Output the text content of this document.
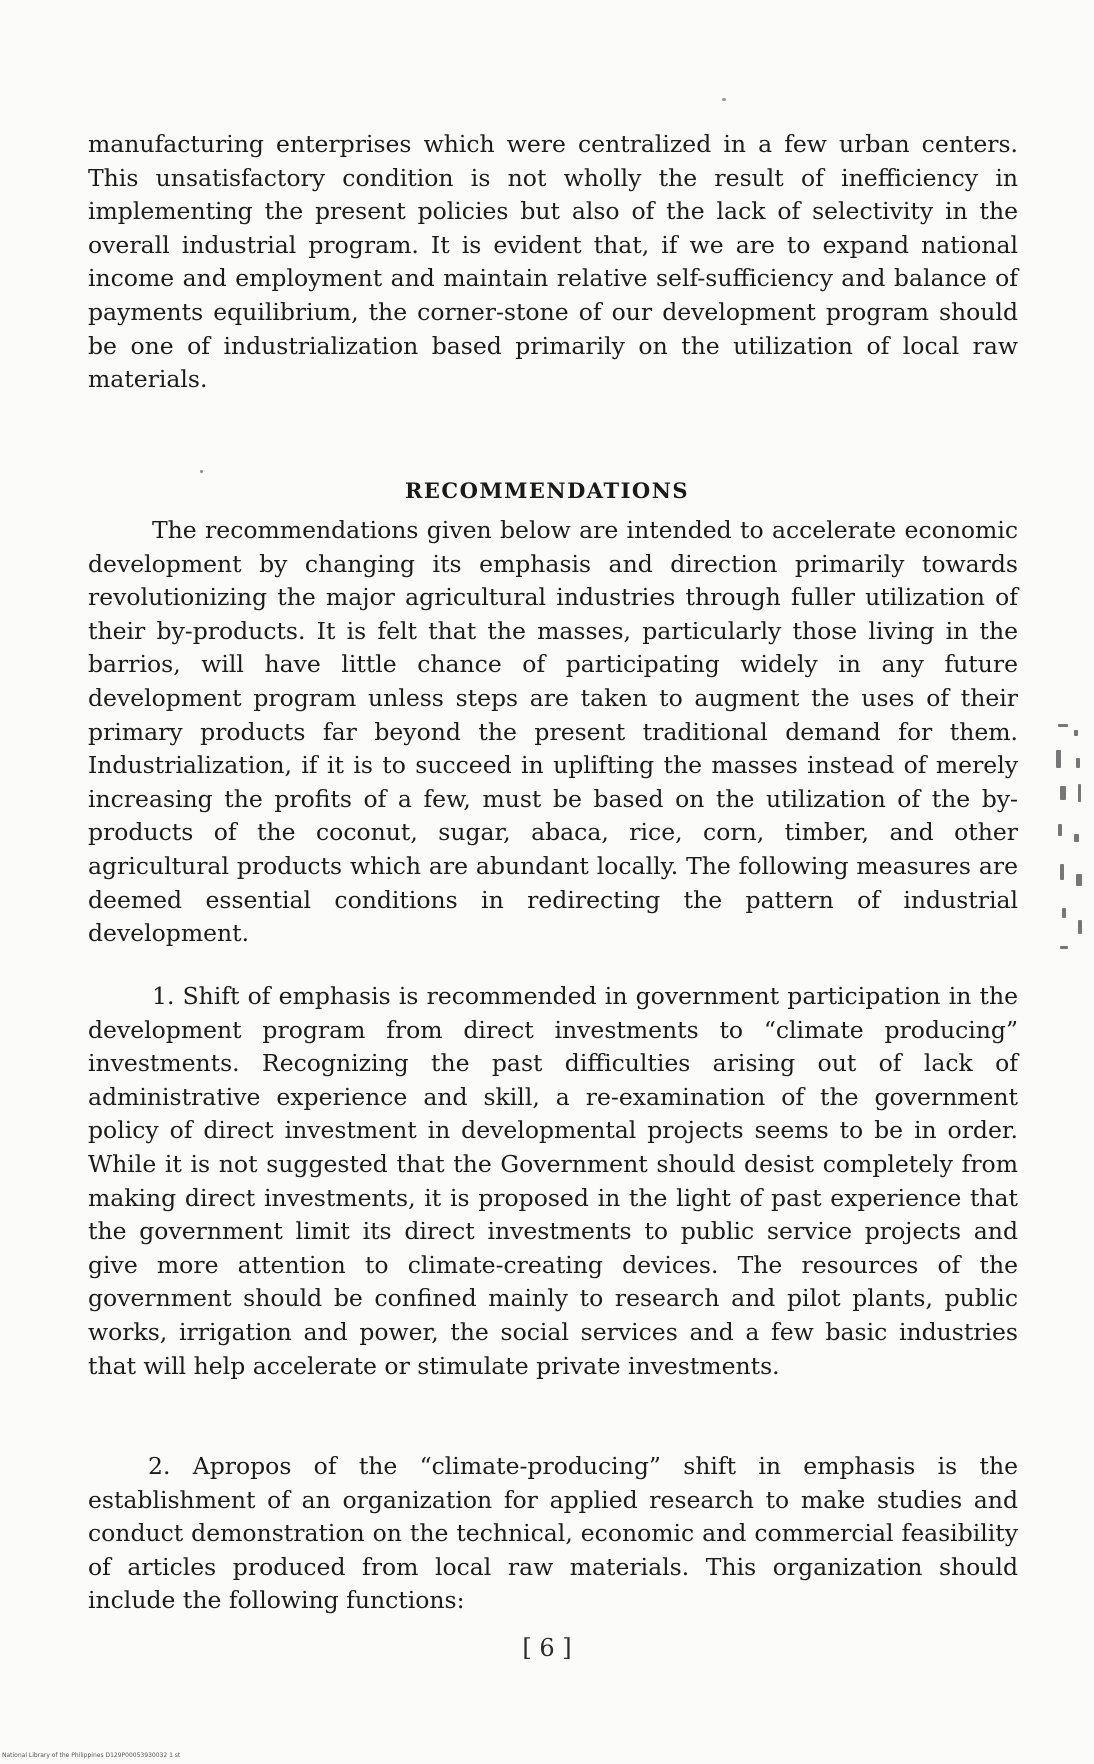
manufacturing enterprises which were centralized in a few urban centers. This unsatisfactory condition is not wholly the result of inefficiency in implementing the present policies but also of the lack of selectivity in the overall industrial program. It is evident that, if we are to expand national income and employment and maintain relative self-sufficiency and balance of payments equilibrium, the corner-stone of our development program should be one of industrialization based primarily on the utilization of local raw materials.

RECOMMENDATIONS

The recommendations given below are intended to accelerate economic development by changing its emphasis and direction primarily towards revolutionizing the major agricultural industries through fuller utilization of their by-products. It is felt that the masses, particularly those living in the barrios, will have little chance of participating widely in any future development program unless steps are taken to augment the uses of their primary products far beyond the present traditional demand for them. Industrialization, if it is to succeed in uplifting the masses instead of merely increasing the profits of a few, must be based on the utilization of the by-products of the coconut, sugar, abaca, rice, corn, timber, and other agricultural products which are abundant locally. The following measures are deemed essential conditions in redirecting the pattern of industrial development.

1. Shift of emphasis is recommended in government participation in the development program from direct investments to “climate producing” investments. Recognizing the past difficulties arising out of lack of administrative experience and skill, a re-examination of the government policy of direct investment in developmental projects seems to be in order. While it is not suggested that the Government should desist completely from making direct investments, it is proposed in the light of past experience that the government limit its direct investments to public service projects and give more attention to climate-creating devices. The resources of the government should be confined mainly to research and pilot plants, public works, irrigation and power, the social services and a few basic industries that will help accelerate or stimulate private investments.

2. Apropos of the “climate-producing” shift in emphasis is the establishment of an organization for applied research to make studies and conduct demonstration on the technical, economic and commercial feasibility of articles produced from local raw materials. This organization should include the following functions:

[ 6 ]
National Library of the Philippines D129P00053930032 1 st
